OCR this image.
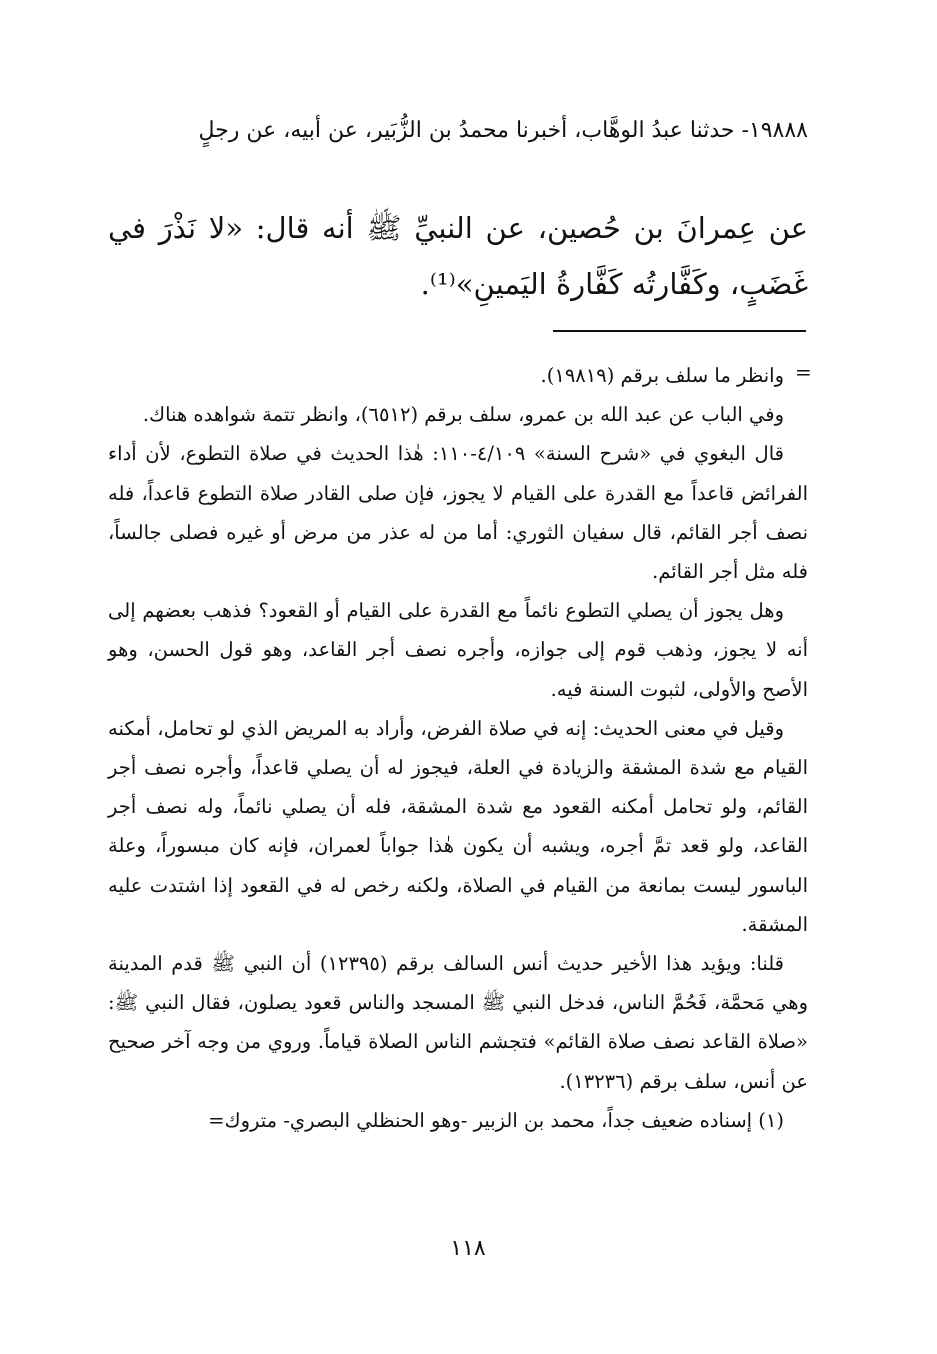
١٩٨٨٨- حدثنا عبدُ الوهَّاب، أخبرنا محمدُ بن الزُّبَير، عن أبيه، عن رجلٍ
عن عِمرانَ بن حُصين، عن النبيِّ ﷺ أنه قال: «لا نَذْرَ في غَضَبٍ، وكَفَّارتُه كَفَّارةُ اليَمينِ»⁽¹⁾.
=

وانظر ما سلف برقم (١٩٨١٩).

وفي الباب عن عبد الله بن عمرو، سلف برقم (٦٥١٢)، وانظر تتمة شواهده هناك.

قال البغوي في «شرح السنة» ٤/١٠٩-١١٠: هٰذا الحديث في صلاة التطوع، لأن أداء الفرائض قاعداً مع القدرة على القيام لا يجوز، فإن صلى القادر صلاة التطوع قاعداً، فله نصف أجر القائم، قال سفيان الثوري: أما من له عذر من مرض أو غيره فصلى جالساً، فله مثل أجر القائم.

وهل يجوز أن يصلي التطوع نائماً مع القدرة على القيام أو القعود؟ فذهب بعضهم إلى أنه لا يجوز، وذهب قوم إلى جوازه، وأجره نصف أجر القاعد، وهو قول الحسن، وهو الأصح والأولى، لثبوت السنة فيه.

وقيل في معنى الحديث: إنه في صلاة الفرض، وأراد به المريض الذي لو تحامل، أمكنه القيام مع شدة المشقة والزيادة في العلة، فيجوز له أن يصلي قاعداً، وأجره نصف أجر القائم، ولو تحامل أمكنه القعود مع شدة المشقة، فله أن يصلي نائماً، وله نصف أجر القاعد، ولو قعد تمَّ أجره، ويشبه أن يكون هٰذا جواباً لعمران، فإنه كان مبسوراً، وعلة الباسور ليست بمانعة من القيام في الصلاة، ولكنه رخص له في القعود إذا اشتدت عليه المشقة.

قلنا: ويؤيد هذا الأخير حديث أنس السالف برقم (١٢٣٩٥) أن النبي ﷺ قدم المدينة وهي مَحمَّة، فَحُمَّ الناس، فدخل النبي ﷺ المسجد والناس قعود يصلون، فقال النبي ﷺ: «صلاة القاعد نصف صلاة القائم» فتجشم الناس الصلاة قياماً. وروي من وجه آخر صحيح عن أنس، سلف برقم (١٣٢٣٦).

(١) إسناده ضعيف جداً، محمد بن الزبير -وهو الحنظلي البصري- متروك=

١١٨
